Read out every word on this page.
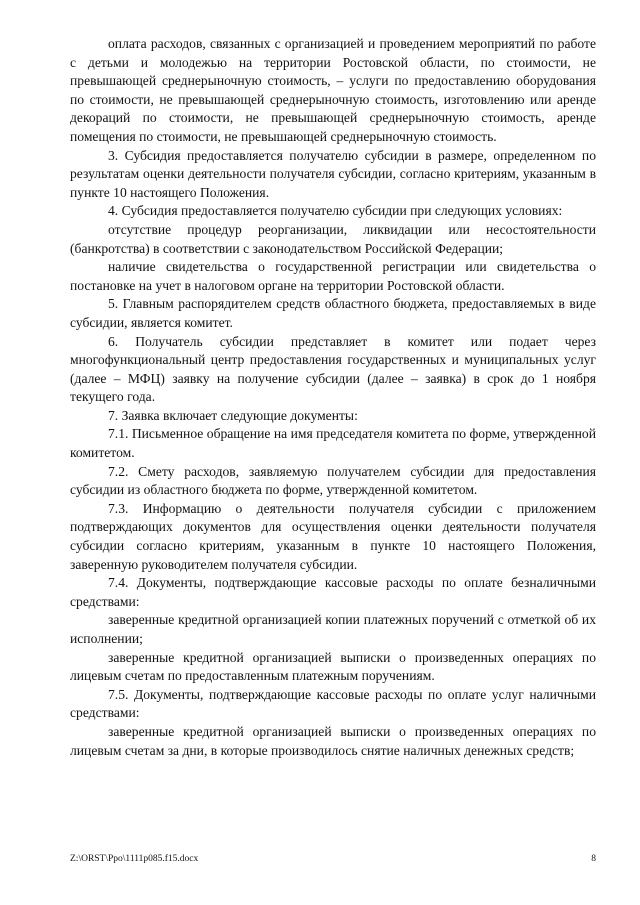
оплата расходов, связанных с организацией и проведением мероприятий по работе с детьми и молодежью на территории Ростовской области, по стоимости, не превышающей среднерыночную стоимость, – услуги по предоставлению оборудования по стоимости, не превышающей среднерыночную стоимость, изготовлению или аренде декораций по стоимости, не превышающей среднерыночную стоимость, аренде помещения по стоимости, не превышающей среднерыночную стоимость.

3. Субсидия предоставляется получателю субсидии в размере, определенном по результатам оценки деятельности получателя субсидии, согласно критериям, указанным в пункте 10 настоящего Положения.

4. Субсидия предоставляется получателю субсидии при следующих условиях:

отсутствие процедур реорганизации, ликвидации или несостоятельности (банкротства) в соответствии с законодательством Российской Федерации;

наличие свидетельства о государственной регистрации или свидетельства о постановке на учет в налоговом органе на территории Ростовской области.

5. Главным распорядителем средств областного бюджета, предоставляемых в виде субсидии, является комитет.

6. Получатель субсидии представляет в комитет или подает через многофункциональный центр предоставления государственных и муниципальных услуг (далее – МФЦ) заявку на получение субсидии (далее – заявка) в срок до 1 ноября текущего года.

7. Заявка включает следующие документы:

7.1. Письменное обращение на имя председателя комитета по форме, утвержденной комитетом.

7.2. Смету расходов, заявляемую получателем субсидии для предоставления субсидии из областного бюджета по форме, утвержденной комитетом.

7.3. Информацию о деятельности получателя субсидии с приложением подтверждающих документов для осуществления оценки деятельности получателя субсидии согласно критериям, указанным в пункте 10 настоящего Положения, заверенную руководителем получателя субсидии.

7.4. Документы, подтверждающие кассовые расходы по оплате безналичными средствами:

заверенные кредитной организацией копии платежных поручений с отметкой об их исполнении;

заверенные кредитной организацией выписки о произведенных операциях по лицевым счетам по предоставленным платежным поручениям.

7.5. Документы, подтверждающие кассовые расходы по оплате услуг наличными средствами:

заверенные кредитной организацией выписки о произведенных операциях по лицевым счетам за дни, в которые производилось снятие наличных денежных средств;

Z:\ORST\Ppo\1111p085.f15.docx	8
